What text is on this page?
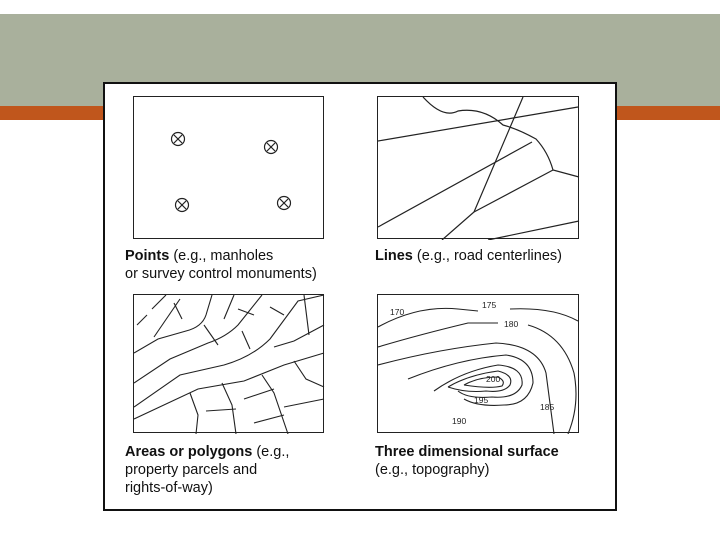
Points (e.g., manholes
or survey control monuments)
Lines (e.g., road centerlines)
Areas or polygons (e.g.,
property parcels and
rights-of-way)
170
175
180
200
195
190
185
Three dimensional surface
(e.g., topography)
